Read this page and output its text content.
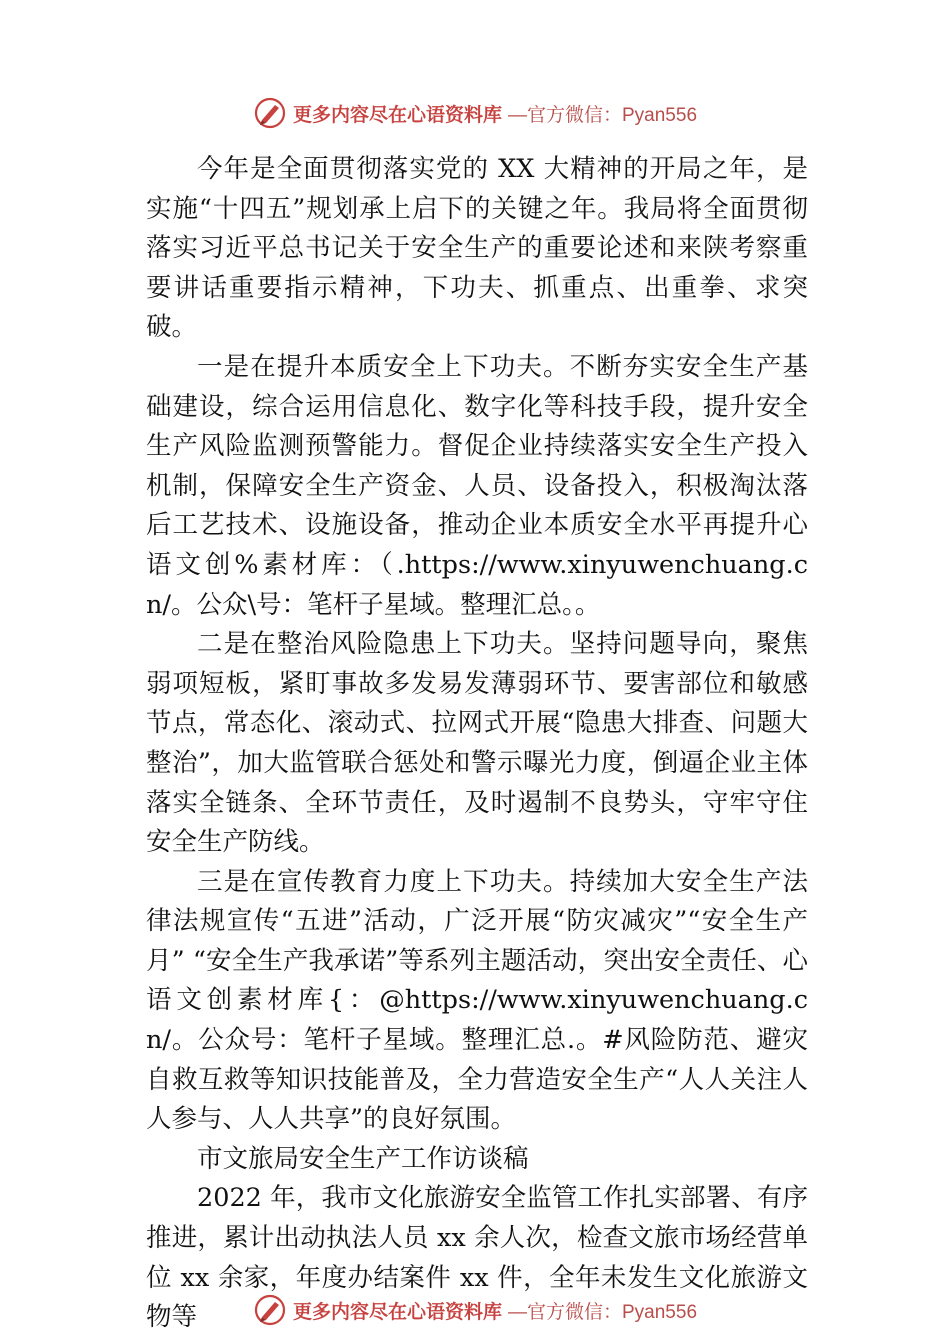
更多内容尽在心语资料库 —官方微信：Pyan556

今年是全面贯彻落实党的 XX 大精神的开局之年，是实施“十四五”规划承上启下的关键之年。我局将全面贯彻落实习近平总书记关于安全生产的重要论述和来陕考察重要讲话重要指示精神，下功夫、抓重点、出重拳、求突破。

一是在提升本质安全上下功夫。不断夯实安全生产基础建设，综合运用信息化、数字化等科技手段，提升安全生产风险监测预警能力。督促企业持续落实安全生产投入机制，保障安全生产资金、人员、设备投入，积极淘汰落后工艺技术、设施设备，推动企业本质安全水平再提升心语文创%素材库：（.https://www.xinyuwenchuang.cn/。公众\号：笔杆子星域。整理汇总。。

二是在整治风险隐患上下功夫。坚持问题导向，聚焦弱项短板，紧盯事故多发易发薄弱环节、要害部位和敏感节点，常态化、滚动式、拉网式开展“隐患大排查、问题大整治”，加大监管联合惩处和警示曝光力度，倒逼企业主体落实全链条、全环节责任，及时遏制不良势头，守牢守住安全生产防线。

三是在宣传教育力度上下功夫。持续加大安全生产法律法规宣传“五进”活动，广泛开展“防灾减灾”“安全生产月” “安全生产我承诺”等系列主题活动，突出安全责任、心语文创素材库{：@https://www.xinyuwenchuang.cn/。公众号：笔杆子星域。整理汇总.。#风险防范、避灾自救互救等知识技能普及，全力营造安全生产“人人关注人人参与、人人共享”的良好氛围。

市文旅局安全生产工作访谈稿

2022 年，我市文化旅游安全监管工作扎实部署、有序推进，累计出动执法人员 xx 余人次，检查文旅市场经营单位 xx 余家，年度办结案件 xx 件，全年未发生文化旅游文物等	更多内容尽在心语资料库 —官方微信：Pyan556
